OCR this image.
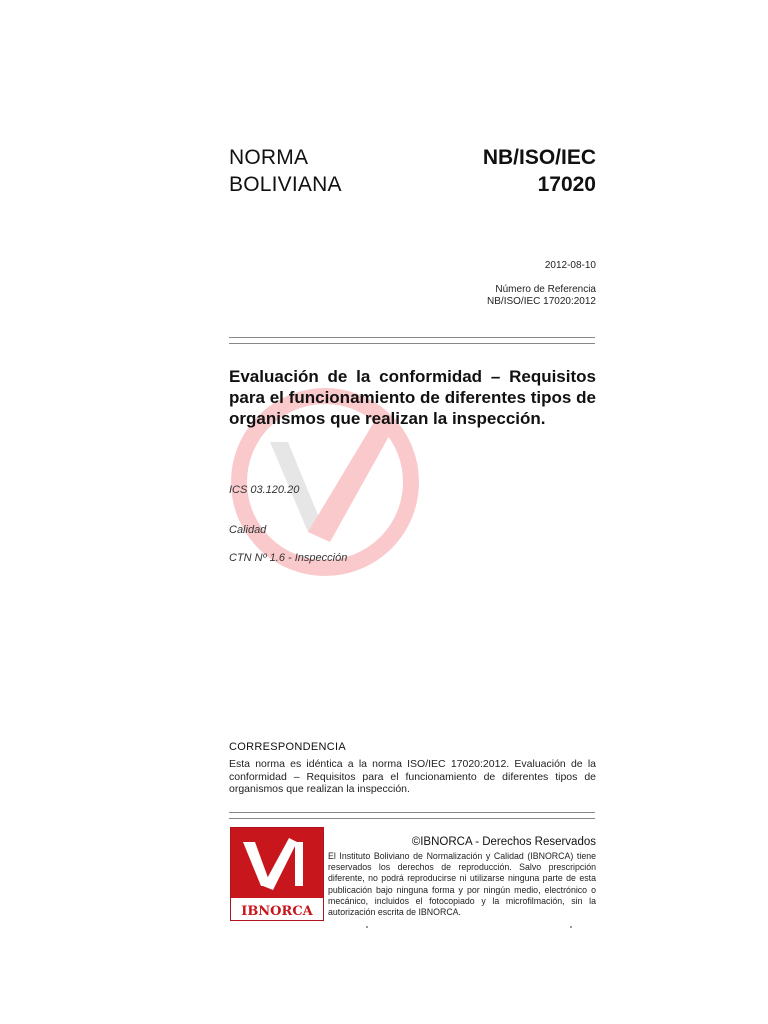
NORMA
BOLIVIANA
NB/ISO/IEC
17020
2012-08-10
Número de Referencia
NB/ISO/IEC 17020:2012
Evaluación de la conformidad – Requisitos para el funcionamiento de diferentes tipos de organismos que realizan la inspección.
ICS 03.120.20
Calidad
CTN Nº 1.6 - Inspección
CORRESPONDENCIA
Esta norma es idéntica a la norma ISO/IEC 17020:2012. Evaluación de la conformidad – Requisitos para el funcionamiento de diferentes tipos de organismos que realizan la inspección.
IBNORCA
©IBNORCA - Derechos Reservados
El Instituto Boliviano de Normalización y Calidad (IBNORCA) tiene reservados los derechos de reproducción. Salvo prescripción diferente, no podrá reproducirse ni utilizarse ninguna parte de esta publicación bajo ninguna forma y por ningún medio, electrónico o mecánico, incluidos el fotocopiado y la microfilmación, sin la autorización escrita de IBNORCA.
